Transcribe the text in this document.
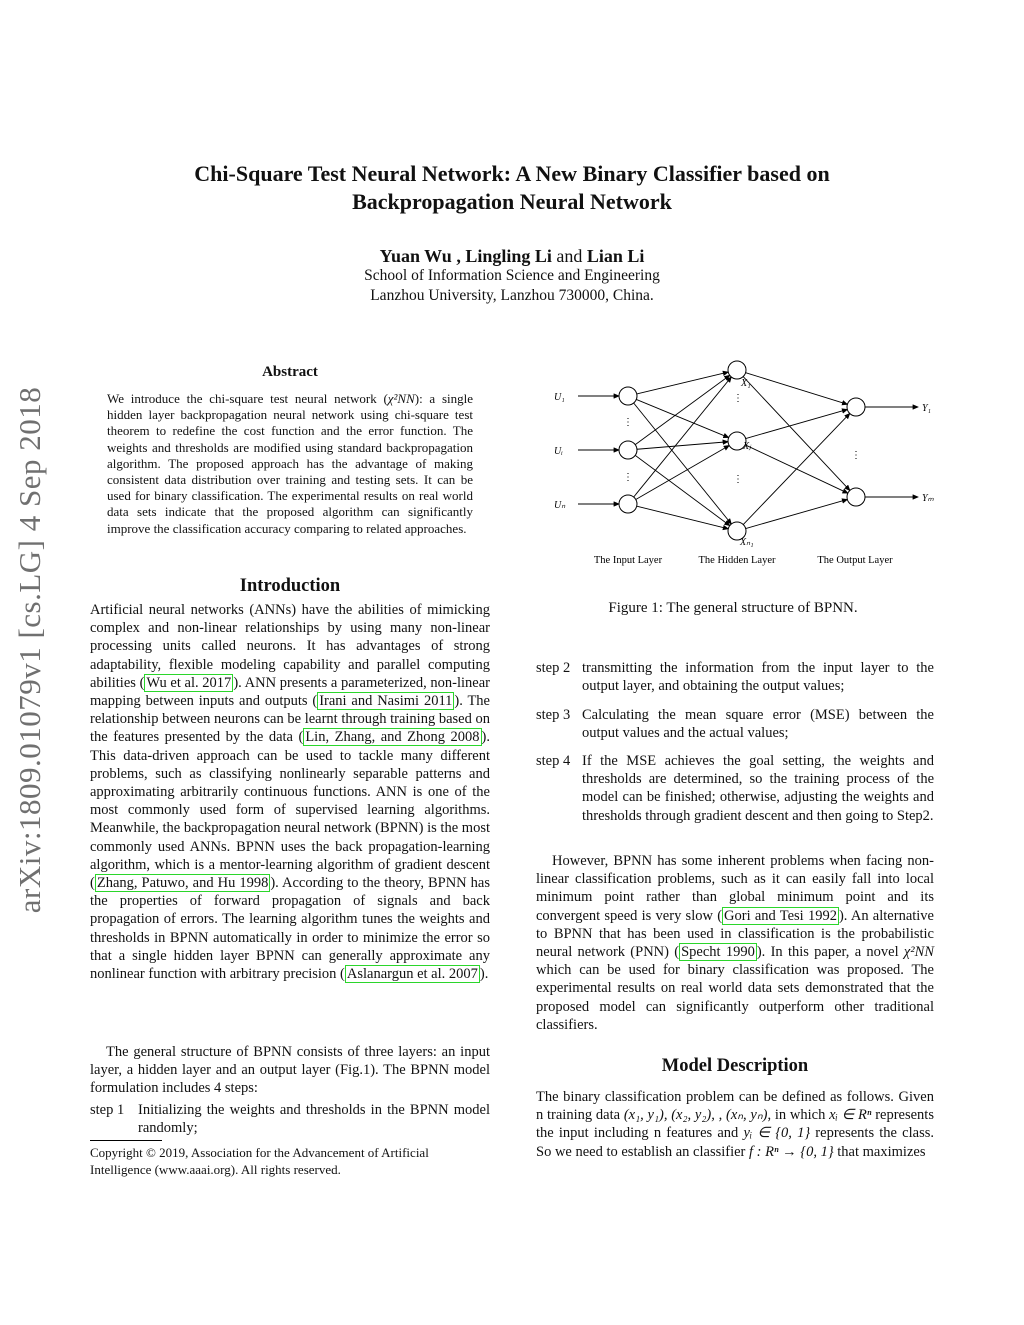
Chi-Square Test Neural Network: A New Binary Classifier based on
Backpropagation Neural Network
Yuan Wu , Lingling Li and Lian Li
School of Information Science and Engineering
Lanzhou University, Lanzhou 730000, China.
arXiv:1809.01079v1 [cs.LG] 4 Sep 2018
Abstract
We introduce the chi-square test neural network (χ²NN): a single hidden layer backpropagation neural network using chi-square test theorem to redefine the cost function and the error function. The weights and thresholds are modified using standard backpropagation algorithm. The proposed approach has the advantage of making consistent data distribution over training and testing sets. It can be used for binary classification. The experimental results on real world data sets indicate that the proposed algorithm can significantly improve the classification accuracy comparing to related approaches.
Introduction
Artificial neural networks (ANNs) have the abilities of mimicking complex and non-linear relationships by using many non-linear processing units called neurons. It has advantages of strong adaptability, flexible modeling capability and parallel computing abilities ( Wu et al. 2017 ). ANN presents a parameterized, non-linear mapping between inputs and outputs ( Irani and Nasimi 2011 ). The relationship between neurons can be learnt through training based on the features presented by the data ( Lin, Zhang, and Zhong 2008 ). This data-driven approach can be used to tackle many different problems, such as classifying nonlinearly separable patterns and approximating arbitrarily continuous functions. ANN is one of the most commonly used form of supervised learning algorithms. Meanwhile, the backpropagation neural network (BPNN) is the most commonly used ANNs. BPNN uses the back propagation-learning algorithm, which is a mentor-learning algorithm of gradient descent ( Zhang, Patuwo, and Hu 1998 ). According to the theory, BPNN has the properties of forward propagation of signals and back propagation of errors. The learning algorithm tunes the weights and thresholds in BPNN automatically in order to minimize the error so that a single hidden layer BPNN can generally approximate any nonlinear function with arbitrary precision ( Aslanargun et al. 2007 ).
The general structure of BPNN consists of three layers: an input layer, a hidden layer and an output layer (Fig.1). The BPNN model formulation includes 4 steps:
step 1 Initializing the weights and thresholds in the BPNN model randomly;
step 2 transmitting the information from the input layer to the output layer, and obtaining the output values;
step 3 Calculating the mean square error (MSE) between the output values and the actual values;
step 4 If the MSE achieves the goal setting, the weights and thresholds are determined, so the training process of the model can be finished; otherwise, adjusting the weights and thresholds through gradient descent and then going to Step2.
Copyright © 2019, Association for the Advancement of Artificial Intelligence (www.aaai.org). All rights reserved.
U₁
Uᵢ
Uₙ
X₁
Xⱼ
Xₙ₁
Y₁
Yₘ
⋮
⋮
⋮
⋮
⋮
The Input Layer	The Hidden Layer	The Output Layer
Figure 1: The general structure of BPNN.
However, BPNN has some inherent problems when facing non-linear classification problems, such as it can easily fall into local minimum point rather than global minimum point and its convergent speed is very slow ( Gori and Tesi 1992 ). An alternative to BPNN that has been used in classification is the probabilistic neural network (PNN) ( Specht 1990 ). In this paper, a novel χ²NN which can be used for binary classification was proposed. The experimental results on real world data sets demonstrated that the proposed model can significantly outperform other traditional classifiers.
Model Description
The binary classification problem can be defined as follows. Given n training data (x₁, y₁), (x₂, y₂), , (xₙ, yₙ), in which xᵢ ∈ Rⁿ represents the input including n features and yᵢ ∈ {0, 1} represents the class. So we need to establish an classifier f : Rⁿ → {0, 1} that maximizes
